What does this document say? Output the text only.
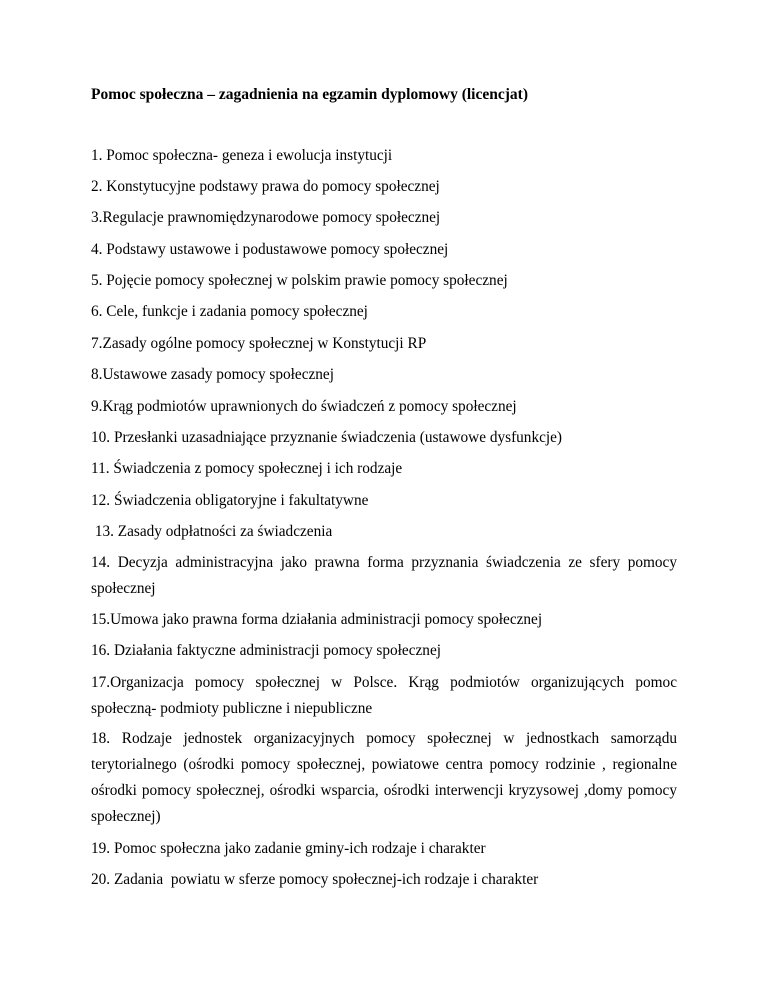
Pomoc społeczna – zagadnienia na egzamin dyplomowy (licencjat)

1. Pomoc społeczna- geneza i ewolucja instytucji

2. Konstytucyjne podstawy prawa do pomocy społecznej

3.Regulacje prawnomiędzynarodowe pomocy społecznej

4. Podstawy ustawowe i podustawowe pomocy społecznej

5. Pojęcie pomocy społecznej w polskim prawie pomocy społecznej

6. Cele, funkcje i zadania pomocy społecznej

7.Zasady ogólne pomocy społecznej w Konstytucji RP

8.Ustawowe zasady pomocy społecznej

9.Krąg podmiotów uprawnionych do świadczeń z pomocy społecznej

10. Przesłanki uzasadniające przyznanie świadczenia (ustawowe dysfunkcje)

11. Świadczenia z pomocy społecznej i ich rodzaje

12. Świadczenia obligatoryjne i fakultatywne

13. Zasady odpłatności za świadczenia

14. Decyzja administracyjna jako prawna forma przyznania świadczenia ze sfery pomocy społecznej

15.Umowa jako prawna forma działania administracji pomocy społecznej

16. Działania faktyczne administracji pomocy społecznej

17.Organizacja pomocy społecznej w Polsce. Krąg podmiotów organizujących pomoc społeczną- podmioty publiczne i niepubliczne

18. Rodzaje jednostek organizacyjnych pomocy społecznej w jednostkach samorządu terytorialnego (ośrodki pomocy społecznej, powiatowe centra pomocy rodzinie , regionalne ośrodki pomocy społecznej, ośrodki wsparcia, ośrodki interwencji kryzysowej ,domy pomocy społecznej)

19. Pomoc społeczna jako zadanie gminy-ich rodzaje i charakter

20. Zadania  powiatu w sferze pomocy społecznej-ich rodzaje i charakter
